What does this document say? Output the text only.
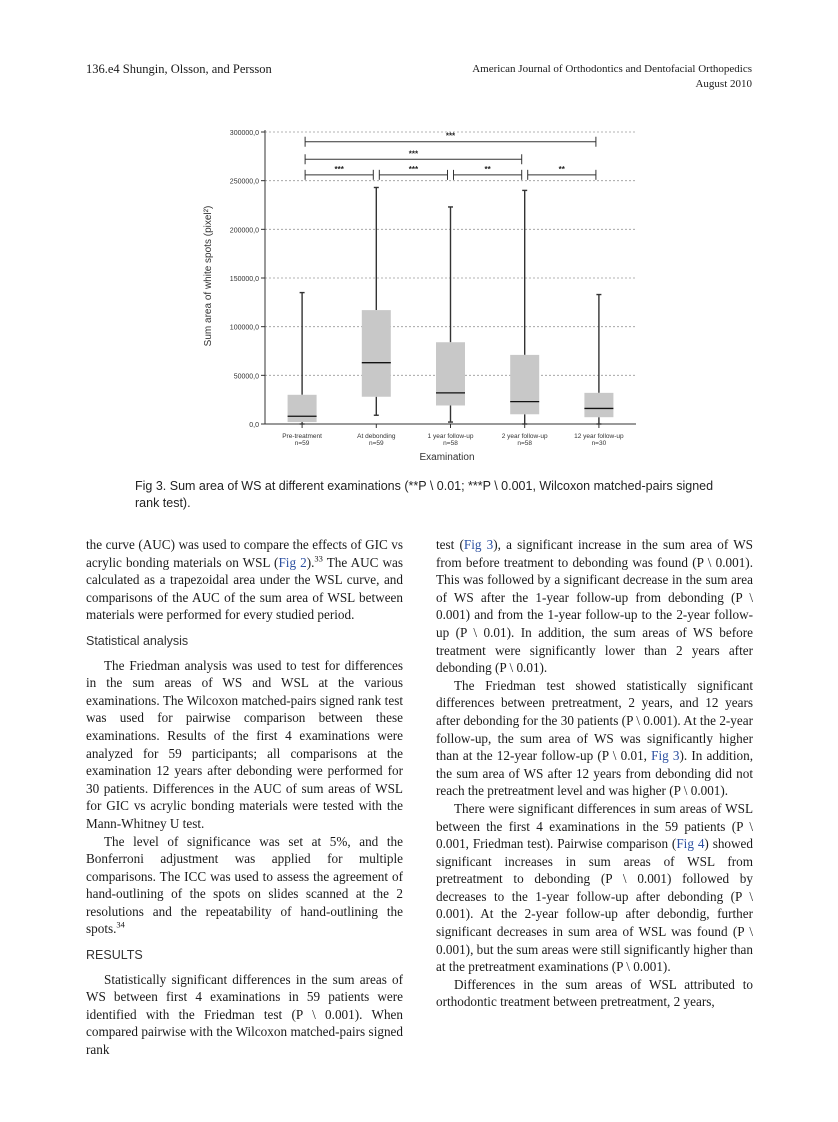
136.e4 Shungin, Olsson, and Persson	American Journal of Orthodontics and Dentofacial Orthopedics
August 2010

0,0
50000,0
100000,0
150000,0
200000,0
250000,0
300000,0	***
***
***	***	**	**
Pre-treatment
n=59
At debonding
n=59
1 year follow-up
n=58
2 year follow-up
n=58
12 year follow-up
n=30
Sum area of white spots (pixel²)
Examination

Fig 3. Sum area of WS at different examinations (**P \ 0.01; ***P \ 0.001, Wilcoxon matched-pairs signed rank test).

the curve (AUC) was used to compare the effects of GIC vs acrylic bonding materials on WSL (Fig 2).$^{33}$ The AUC was calculated as a trapezoidal area under the WSL curve, and comparisons of the AUC of the sum area of WSL between materials were performed for every studied period.

Statistical analysis

The Friedman analysis was used to test for differences in the sum areas of WS and WSL at the various examinations. The Wilcoxon matched-pairs signed rank test was used for pairwise comparison between these examinations. Results of the first 4 examinations were analyzed for 59 participants; all comparisons at the examination 12 years after debonding were performed for 30 patients. Differences in the AUC of sum areas of WSL for GIC vs acrylic bonding materials were tested with the Mann-Whitney U test.

The level of significance was set at 5%, and the Bonferroni adjustment was applied for multiple comparisons. The ICC was used to assess the agreement of hand-outlining of the spots on slides scanned at the 2 resolutions and the repeatability of hand-outlining the spots.$^{34}$

RESULTS

Statistically significant differences in the sum areas of WS between first 4 examinations in 59 patients were identified with the Friedman test (P \ 0.001). When compared pairwise with the Wilcoxon matched-pairs signed rank

test (Fig 3), a significant increase in the sum area of WS from before treatment to debonding was found (P \ 0.001). This was followed by a significant decrease in the sum area of WS after the 1-year follow-up from debonding (P \ 0.001) and from the 1-year follow-up to the 2-year follow-up (P \ 0.01). In addition, the sum areas of WS before treatment were significantly lower than 2 years after debonding (P \ 0.01).

The Friedman test showed statistically significant differences between pretreatment, 2 years, and 12 years after debonding for the 30 patients (P \ 0.001). At the 2-year follow-up, the sum area of WS was significantly higher than at the 12-year follow-up (P \ 0.01, Fig 3). In addition, the sum area of WS after 12 years from debonding did not reach the pretreatment level and was higher (P \ 0.001).

There were significant differences in sum areas of WSL between the first 4 examinations in the 59 patients (P \ 0.001, Friedman test). Pairwise comparison (Fig 4) showed significant increases in sum areas of WSL from pretreatment to debonding (P \ 0.001) followed by decreases to the 1-year follow-up after debonding (P \ 0.001). At the 2-year follow-up after debondig, further significant decreases in sum area of WSL was found (P \ 0.001), but the sum areas were still significantly higher than at the pretreatment examinations (P \ 0.001).

Differences in the sum areas of WSL attributed to orthodontic treatment between pretreatment, 2 years,
